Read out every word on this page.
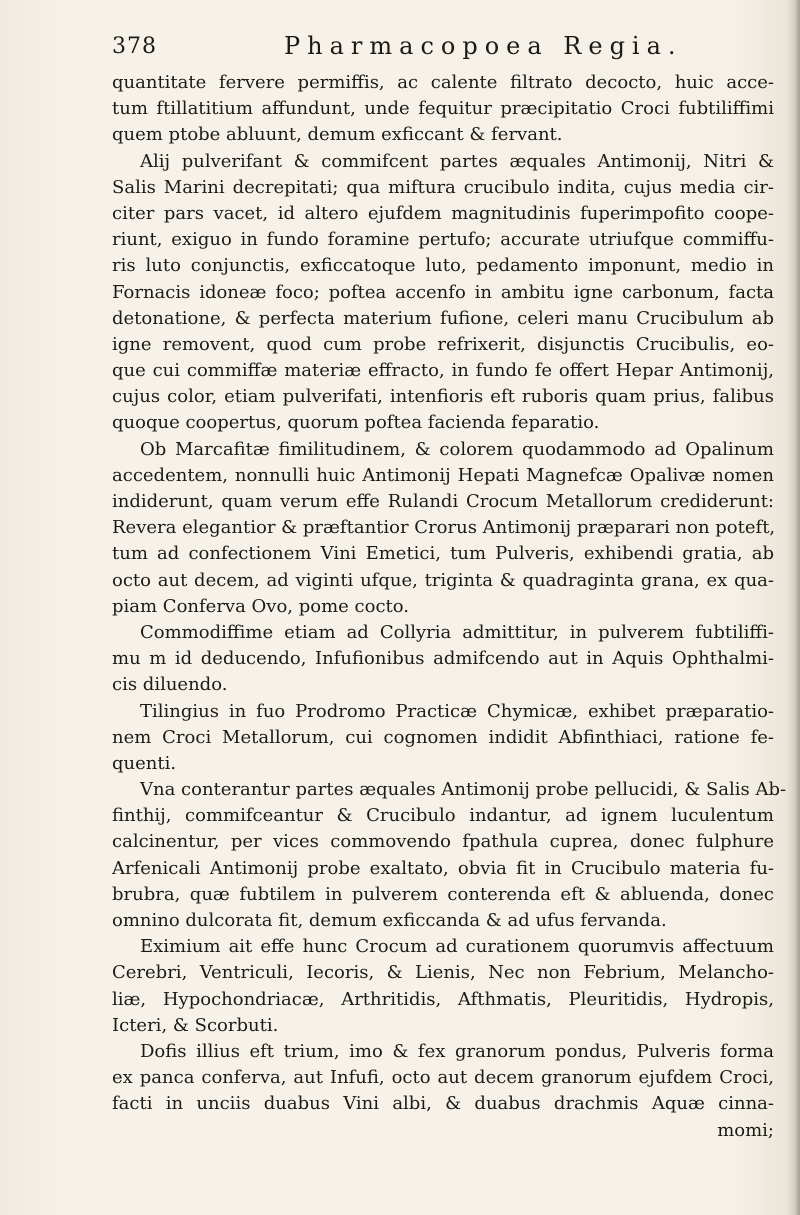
378	Pharmacopoea Regia.
quantitate fervere permiffis, ac calente filtrato decocto, huic acce-
tum ftillatitium affundunt, unde fequitur præcipitatio Croci fubtiliffimi
quem ptobe abluunt, demum exficcant & fervant.
Alij pulverifant & commifcent partes æquales Antimonij, Nitri &
Salis Marini decrepitati; qua miftura crucibulo indita, cujus media cir-
citer pars vacet, id altero ejufdem magnitudinis fuperimpofito coope-
riunt, exiguo in fundo foramine pertufo; accurate utriufque commiffu-
ris luto conjunctis, exficcatoque luto, pedamento imponunt, medio in
Fornacis idoneæ foco; poftea accenfo in ambitu igne carbonum, facta
detonatione, & perfecta materium fufione, celeri manu Crucibulum ab
igne removent, quod cum probe refrixerit, disjunctis Crucibulis, eo-
que cui commiffæ materiæ effracto, in fundo fe offert Hepar Antimonij,
cujus color, etiam pulverifati, intenfioris eft ruboris quam prius, falibus
quoque coopertus, quorum poftea facienda feparatio.
Ob Marcafitæ fimilitudinem, & colorem quodammodo ad Opalinum
accedentem, nonnulli huic Antimonij Hepati Magnefcæ Opalivæ nomen
indiderunt, quam verum effe Rulandi Crocum Metallorum crediderunt:
Revera elegantior & præftantior Crorus Antimonij præparari non poteft,
tum ad confectionem Vini Emetici, tum Pulveris, exhibendi gratia, ab
octo aut decem, ad viginti ufque, triginta & quadraginta grana, ex qua-
piam Conferva Ovo, pome cocto.
Commodiffime etiam ad Collyria admittitur, in pulverem fubtiliffi-
mu m id deducendo, Infufionibus admifcendo aut in Aquis Ophthalmi-
cis diluendo.
Tilingius in fuo Prodromo Practicæ Chymicæ, exhibet præparatio-
nem Croci Metallorum, cui cognomen indidit Abfinthiaci, ratione fe-
quenti.
Vna conterantur partes æquales Antimonij probe pellucidi, & Salis Ab-
finthij, commifceantur & Crucibulo indantur, ad ignem luculentum
calcinentur, per vices commovendo fpathula cuprea, donec fulphure
Arfenicali Antimonij probe exaltato, obvia fit in Crucibulo materia fu-
brubra, quæ fubtilem in pulverem conterenda eft & abluenda, donec
omnino dulcorata fit, demum exficcanda & ad ufus fervanda.
Eximium ait effe hunc Crocum ad curationem quorumvis affectuum
Cerebri, Ventriculi, Iecoris, & Lienis, Nec non Febrium, Melancho-
liæ, Hypochondriacæ, Arthritidis, Afthmatis, Pleuritidis, Hydropis,
Icteri, & Scorbuti.
Dofis illius eft trium, imo & fex granorum pondus, Pulveris forma
ex panca conferva, aut Infufi, octo aut decem granorum ejufdem Croci,
facti in unciis duabus Vini albi, & duabus drachmis Aquæ cinna-
momi;
